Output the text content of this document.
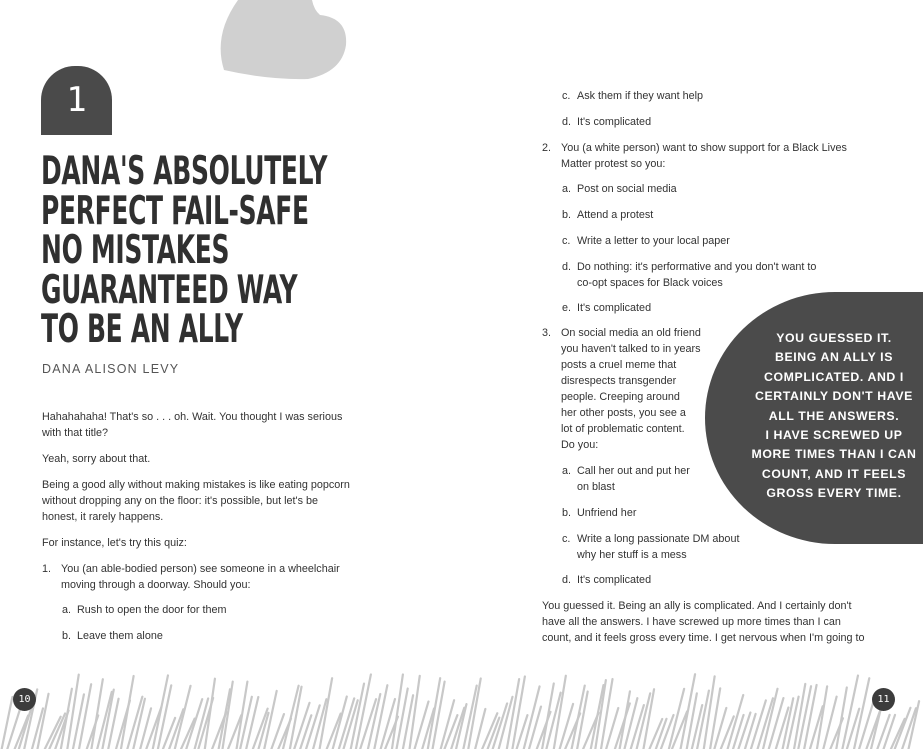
1
DANA'S ABSOLUTELY
PERFECT FAIL-SAFE
NO MISTAKES
GUARANTEED WAY
TO BE AN ALLY
DANA ALISON LEVY
Hahahahaha! That's so . . . oh. Wait. You thought I was serious
with that title?
Yeah, sorry about that.
Being a good ally without making mistakes is like eating popcorn
without dropping any on the floor: it's possible, but let's be
honest, it rarely happens.
For instance, let's try this quiz:
1. You (an able-bodied person) see someone in a wheelchair
moving through a doorway. Should you:
a. Rush to open the door for them
b. Leave them alone
10
YOU GUESSED IT.
BEING AN ALLY IS
COMPLICATED. AND I
CERTAINLY DON'T HAVE
ALL THE ANSWERS.
I HAVE SCREWED UP
MORE TIMES THAN I CAN
COUNT, AND IT FEELS
GROSS EVERY TIME.
c. Ask them if they want help
d. It's complicated
2. You (a white person) want to show support for a Black Lives
Matter protest so you:
a. Post on social media
b. Attend a protest
c. Write a letter to your local paper
d. Do nothing: it's performative and you don't want to
co-opt spaces for Black voices
e. It's complicated
3. On social media an old friend
you haven't talked to in years
posts a cruel meme that
disrespects transgender
people. Creeping around
her other posts, you see a
lot of problematic content.
Do you:
a. Call her out and put her
on blast
b. Unfriend her
c. Write a long passionate DM about
why her stuff is a mess
d. It's complicated
You guessed it. Being an ally is complicated. And I certainly don't
have all the answers. I have screwed up more times than I can
count, and it feels gross every time. I get nervous when I'm going to
11
